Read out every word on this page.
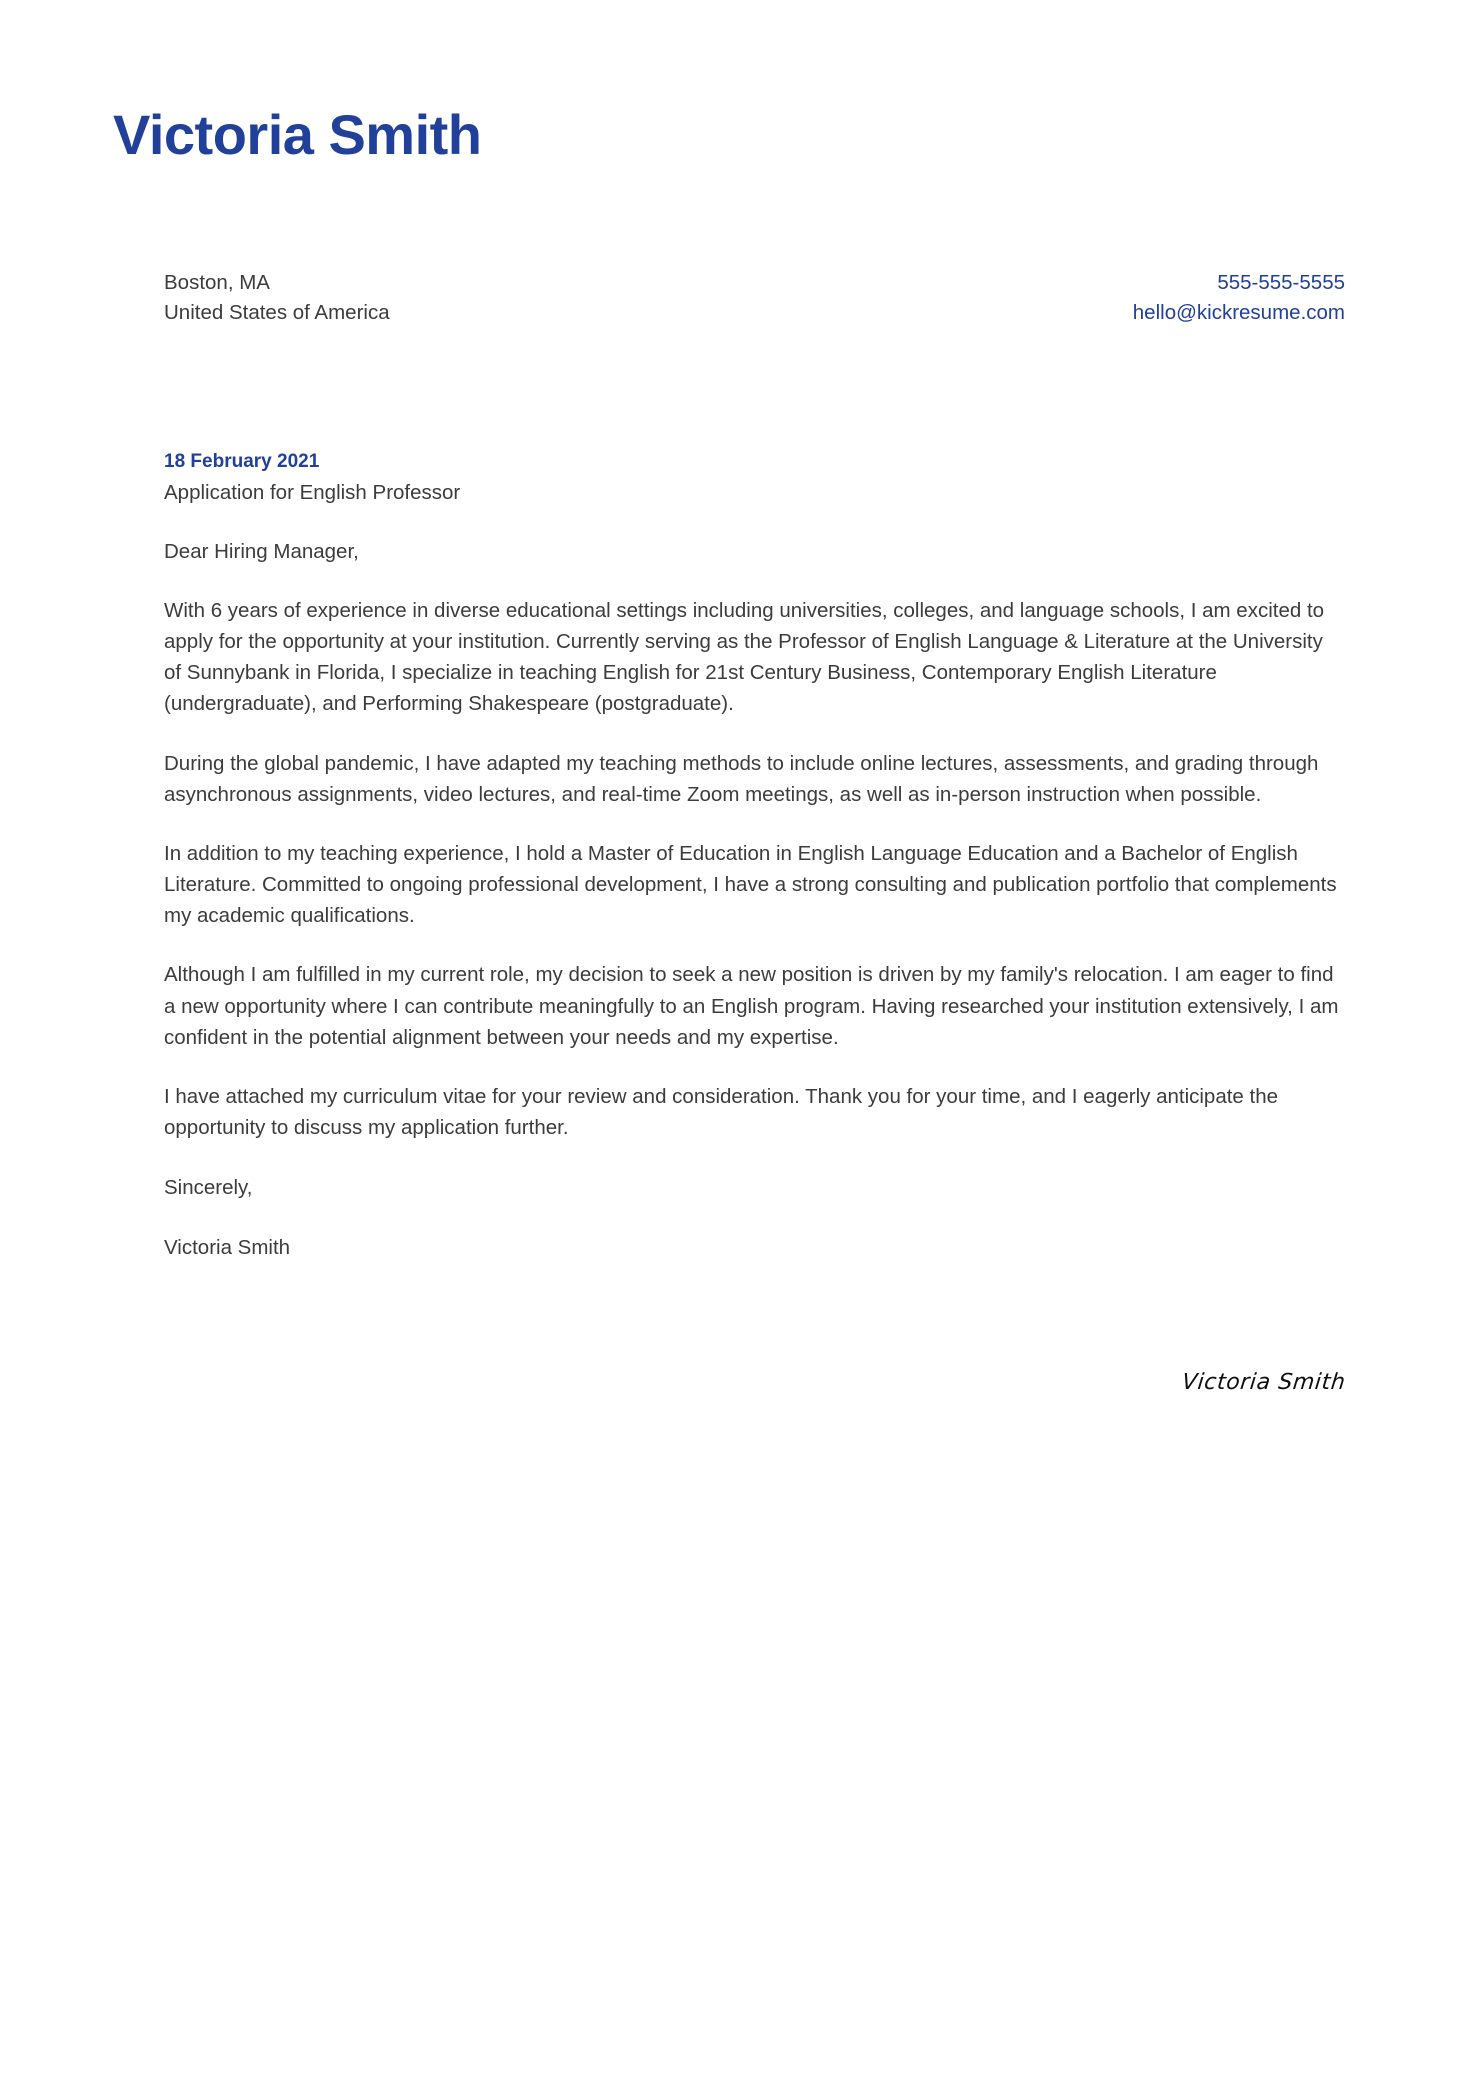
Victoria Smith
Boston, MA
United States of America
555-555-5555
hello@kickresume.com

18 February 2021

Application for English Professor

Dear Hiring Manager,

With 6 years of experience in diverse educational settings including universities, colleges, and language schools, I am excited to apply for the opportunity at your institution. Currently serving as the Professor of English Language & Literature at the University of Sunnybank in Florida, I specialize in teaching English for 21st Century Business, Contemporary English Literature (undergraduate), and Performing Shakespeare (postgraduate).

During the global pandemic, I have adapted my teaching methods to include online lectures, assessments, and grading through asynchronous assignments, video lectures, and real-time Zoom meetings, as well as in-person instruction when possible.

In addition to my teaching experience, I hold a Master of Education in English Language Education and a Bachelor of English Literature. Committed to ongoing professional development, I have a strong consulting and publication portfolio that complements my academic qualifications.

Although I am fulfilled in my current role, my decision to seek a new position is driven by my family's relocation. I am eager to find a new opportunity where I can contribute meaningfully to an English program. Having researched your institution extensively, I am confident in the potential alignment between your needs and my expertise.

I have attached my curriculum vitae for your review and consideration. Thank you for your time, and I eagerly anticipate the opportunity to discuss my application further.

Sincerely,

Victoria Smith

Victoria Smith
